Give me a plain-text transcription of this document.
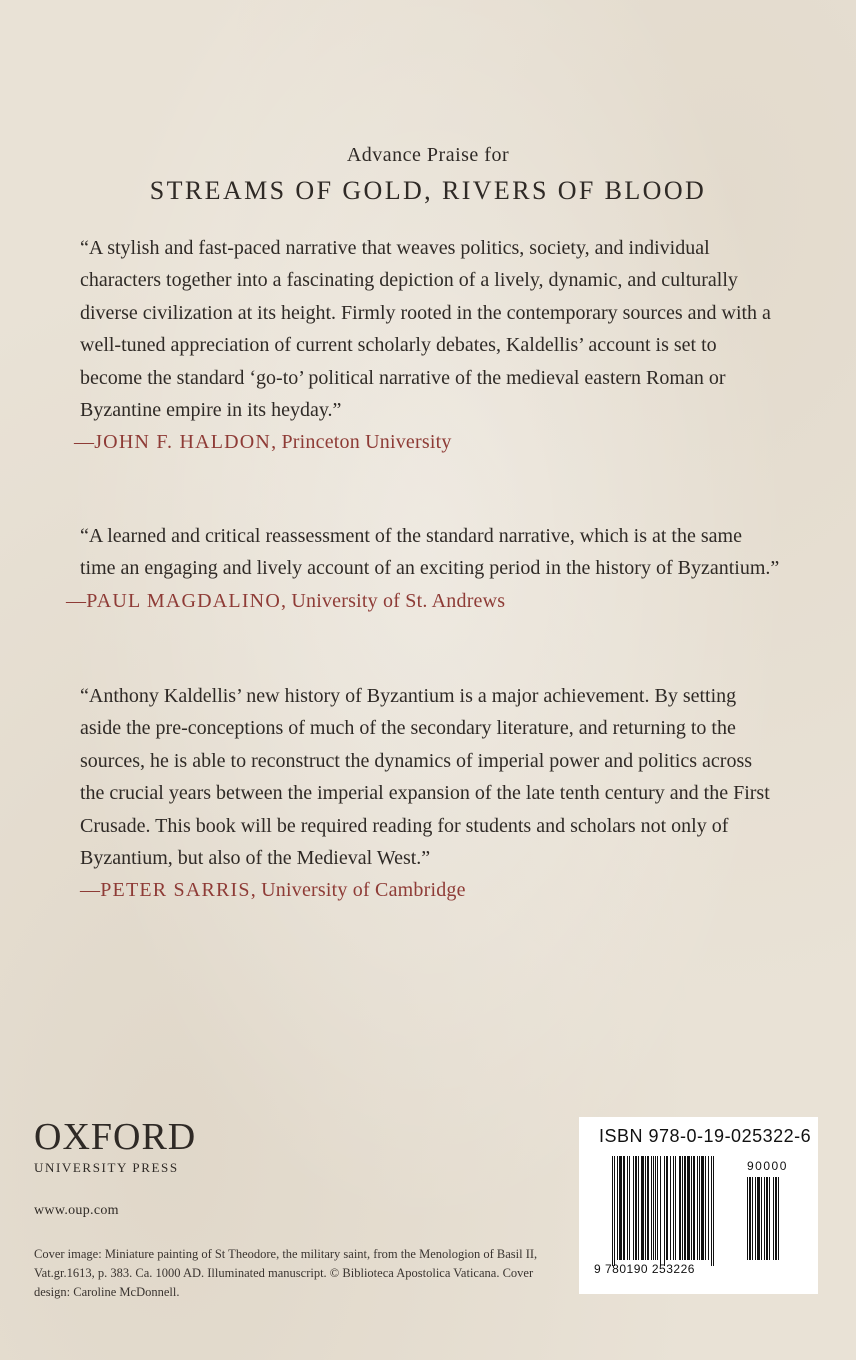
Advance Praise for
STREAMS OF GOLD, RIVERS OF BLOOD

“A stylish and fast-paced narrative that weaves politics, society, and individual characters together into a fascinating depiction of a lively, dynamic, and culturally diverse civilization at its height. Firmly rooted in the contemporary sources and with a well-tuned appreciation of current scholarly debates, Kaldellis’ account is set to become the standard ‘go-to’ political narrative of the medieval eastern Roman or Byzantine empire in its heyday.”

—JOHN F. HALDON, Princeton University

“A learned and critical reassessment of the standard narrative, which is at the same time an engaging and lively account of an exciting period in the history of Byzantium.”

—PAUL MAGDALINO, University of St. Andrews

“Anthony Kaldellis’ new history of Byzantium is a major achievement. By setting aside the pre-conceptions of much of the secondary literature, and returning to the sources, he is able to reconstruct the dynamics of imperial power and politics across the crucial years between the imperial expansion of the late tenth century and the First Crusade. This book will be required reading for students and scholars not only of Byzantium, but also of the Medieval West.”

—PETER SARRIS, University of Cambridge
OXFORD
UNIVERSITY PRESS
www.oup.com
Cover image: Miniature painting of St Theodore, the military saint, from the Menologion of Basil II, Vat.gr.1613, p. 383. Ca. 1000 AD. Illuminated manuscript. © Biblioteca Apostolica Vaticana. Cover design: Caroline McDonnell.
ISBN 978-0-19-025322-6
90000
9 780190 253226
